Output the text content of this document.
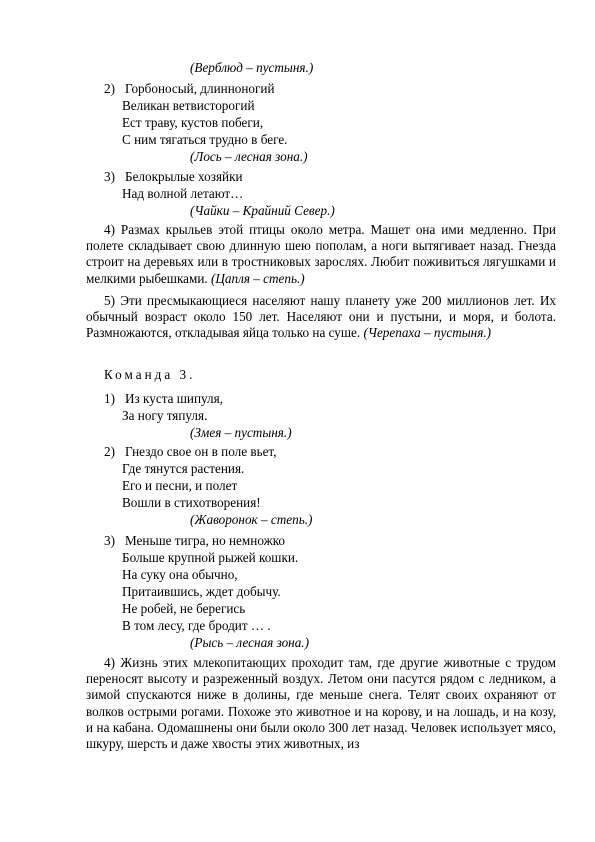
(Верблюд – пустыня.)
2) Горбоносый, длинноногий
Великан ветвисторогий
Ест траву, кустов побеги,
С ним тягаться трудно в беге.
(Лось – лесная зона.)
3) Белокрылые хозяйки
Над волной летают…
(Чайки – Крайний Север.)

4) Размах крыльев этой птицы около метра. Машет она ими медленно. При полете складывает свою длинную шею пополам, а ноги вытягивает назад. Гнезда строит на деревьях или в тростниковых зарослях. Любит поживиться лягушками и мелкими рыбешками. (Цапля – степь.)

5) Эти пресмыкающиеся населяют нашу планету уже 200 миллионов лет. Их обычный возраст около 150 лет. Населяют они и пустыни, и моря, и болота. Размножаются, откладывая яйца только на суше. (Черепаха – пустыня.)

Команда 3.
1) Из куста шипуля,
За ногу тяпуля.
(Змея – пустыня.)
2) Гнездо свое он в поле вьет,
Где тянутся растения.
Его и песни, и полет
Вошли в стихотворения!
(Жаворонок – степь.)
3) Меньше тигра, но немножко
Больше крупной рыжей кошки.
На суку она обычно,
Притаившись, ждет добычу.
Не робей, не берегись
В том лесу, где бродит … .
(Рысь – лесная зона.)

4) Жизнь этих млекопитающих проходит там, где другие животные с трудом переносят высоту и разреженный воздух. Летом они пасутся рядом с ледником, а зимой спускаются ниже в долины, где меньше снега. Телят своих охраняют от волков острыми рогами. Похоже это животное и на корову, и на лошадь, и на козу, и на кабана. Одомашнены они были около 300 лет назад. Человек использует мясо, шкуру, шерсть и даже хвосты этих животных, из
